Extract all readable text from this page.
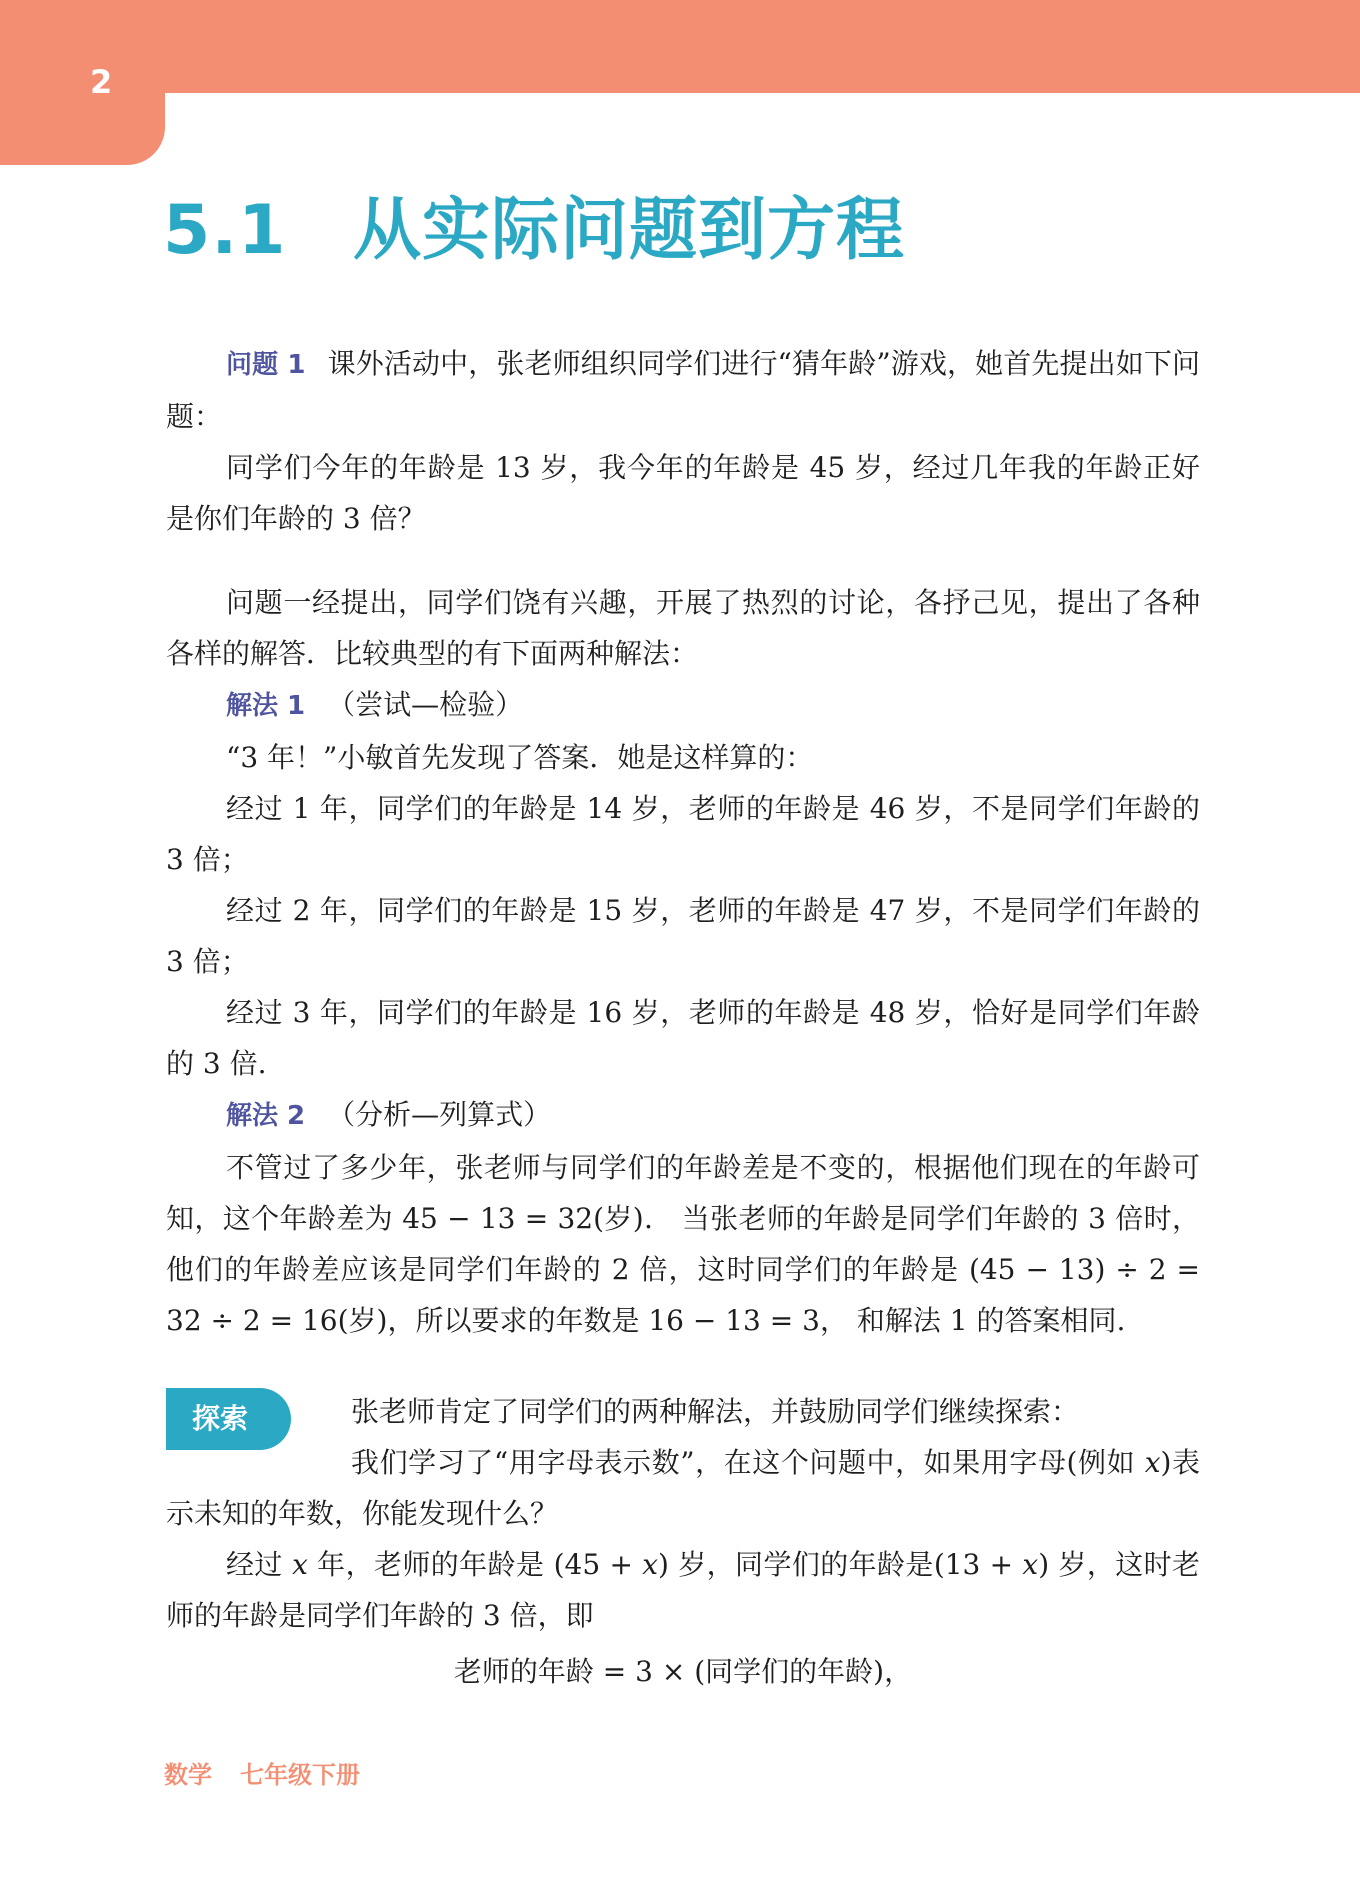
2
5.1 从实际问题到方程

问题 1 课外活动中，张老师组织同学们进行“猜年龄”游戏，她首先提出如下问题：

同学们今年的年龄是 13 岁，我今年的年龄是 45 岁，经过几年我的年龄正好是你们年龄的 3 倍？

问题一经提出，同学们饶有兴趣，开展了热烈的讨论，各抒己见，提出了各种各样的解答．比较典型的有下面两种解法：

解法 1 （尝试—检验）

“3 年！”小敏首先发现了答案．她是这样算的：

经过 1 年，同学们的年龄是 14 岁，老师的年龄是 46 岁，不是同学们年龄的 3 倍；

经过 2 年，同学们的年龄是 15 岁，老师的年龄是 47 岁，不是同学们年龄的 3 倍；

经过 3 年，同学们的年龄是 16 岁，老师的年龄是 48 岁，恰好是同学们年龄的 3 倍.

解法 2 （分析—列算式）

不管过了多少年，张老师与同学们的年龄差是不变的，根据他们现在的年龄可知，这个年龄差为 45 − 13 = 32(岁)． 当张老师的年龄是同学们年龄的 3 倍时，他们的年龄差应该是同学们年龄的 2 倍，这时同学们的年龄是 (45 − 13) ÷ 2 = 32 ÷ 2 = 16(岁)，所以要求的年数是 16 − 13 = 3， 和解法 1 的答案相同.

探索	张老师肯定了同学们的两种解法，并鼓励同学们继续探索：

我们学习了“用字母表示数”，在这个问题中，如果用字母(例如 x)表示未知的年数，你能发现什么？

经过 x 年，老师的年龄是 (45 + x) 岁，同学们的年龄是(13 + x) 岁，这时老师的年龄是同学们年龄的 3 倍，即

老师的年龄 = 3 × (同学们的年龄)，
数学 七年级下册
